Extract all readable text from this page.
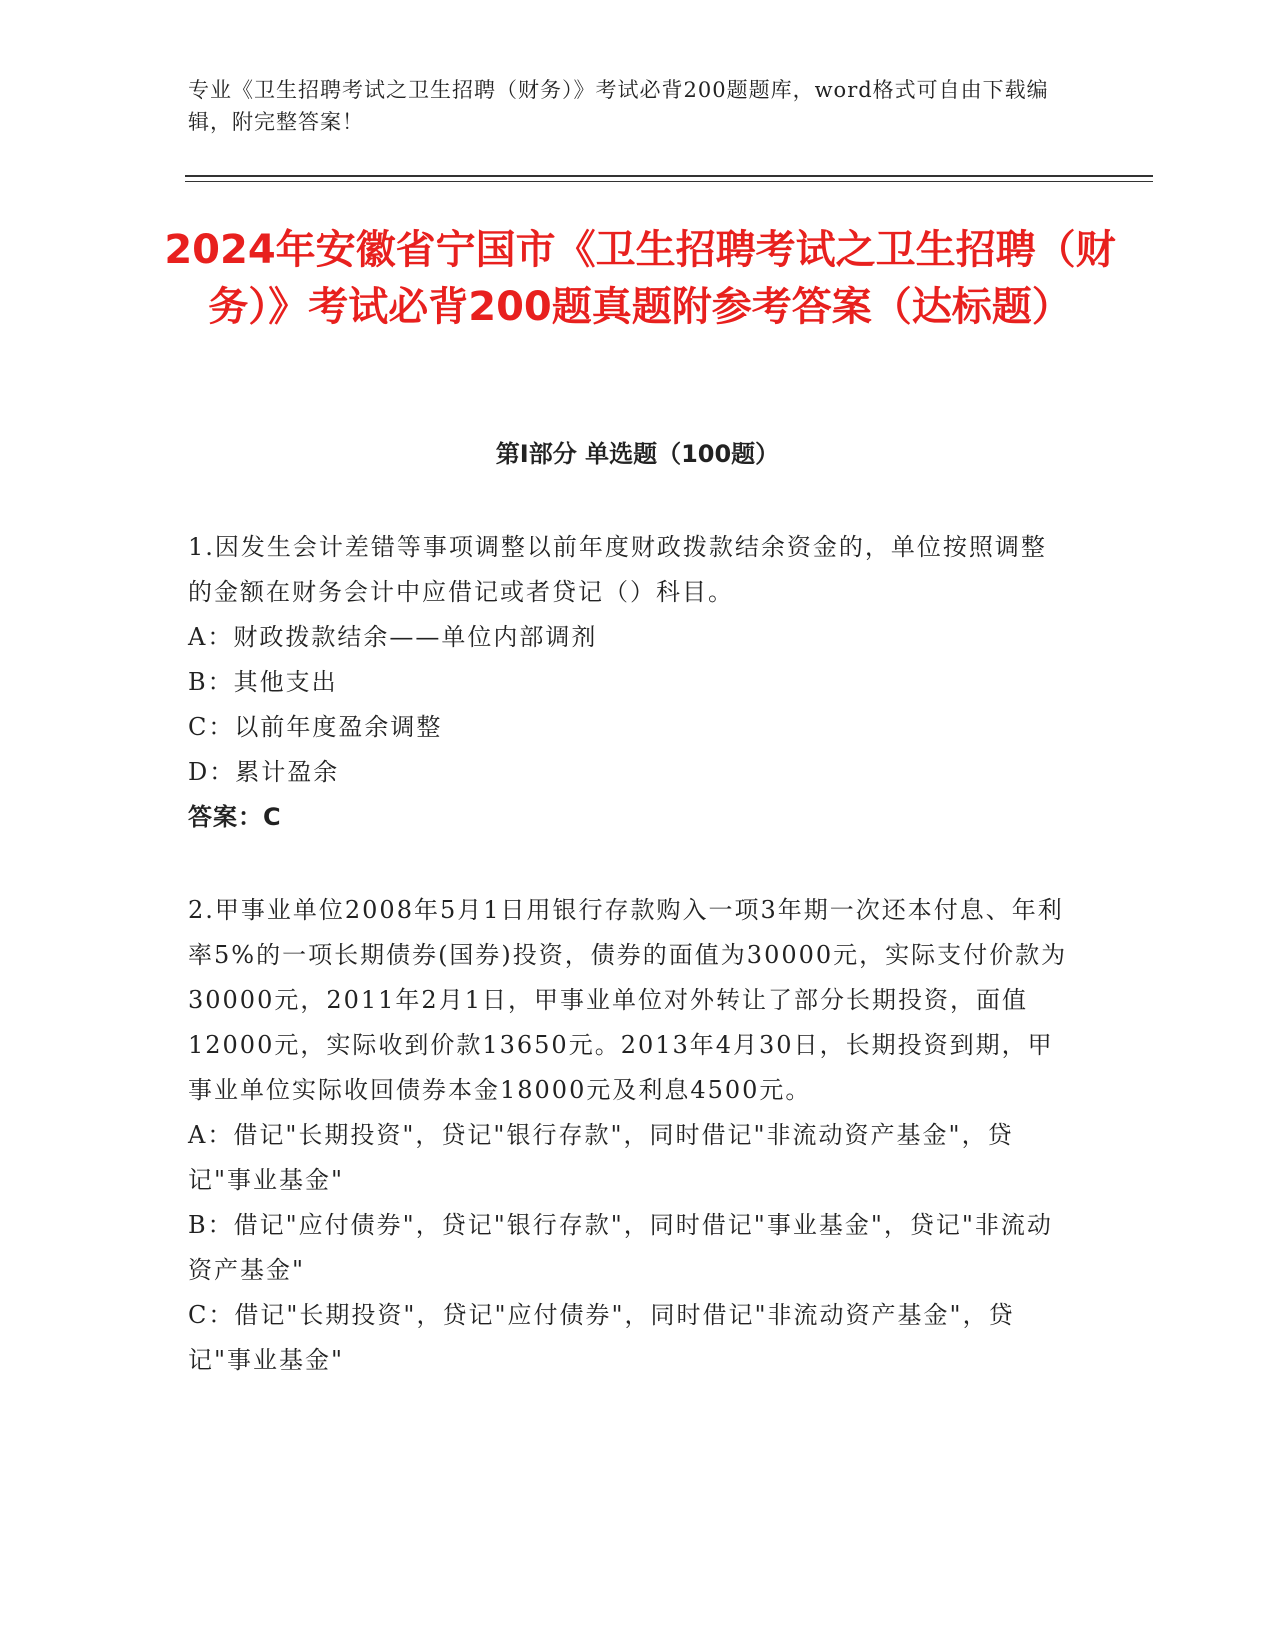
专业《卫生招聘考试之卫生招聘（财务）》考试必背200题题库，word格式可自由下载编辑，附完整答案！
2024年安徽省宁国市《卫生招聘考试之卫生招聘（财务）》考试必背200题真题附参考答案（达标题）
第Ⅰ部分 单选题（100题）
1.因发生会计差错等事项调整以前年度财政拨款结余资金的，单位按照调整的金额在财务会计中应借记或者贷记（）科目。
A：财政拨款结余——单位内部调剂
B：其他支出
C：以前年度盈余调整
D：累计盈余
答案：C
2.甲事业单位2008年5月1日用银行存款购入一项3年期一次还本付息、年利率5%的一项长期债券(国券)投资，债券的面值为30000元，实际支付价款为30000元，2011年2月1日，甲事业单位对外转让了部分长期投资，面值12000元，实际收到价款13650元。2013年4月30日，长期投资到期，甲事业单位实际收回债券本金18000元及利息4500元。
A：借记"长期投资"，贷记"银行存款"，同时借记"非流动资产基金"，贷记"事业基金"
B：借记"应付债券"，贷记"银行存款"，同时借记"事业基金"，贷记"非流动资产基金"
C：借记"长期投资"，贷记"应付债券"，同时借记"非流动资产基金"，贷记"事业基金"
